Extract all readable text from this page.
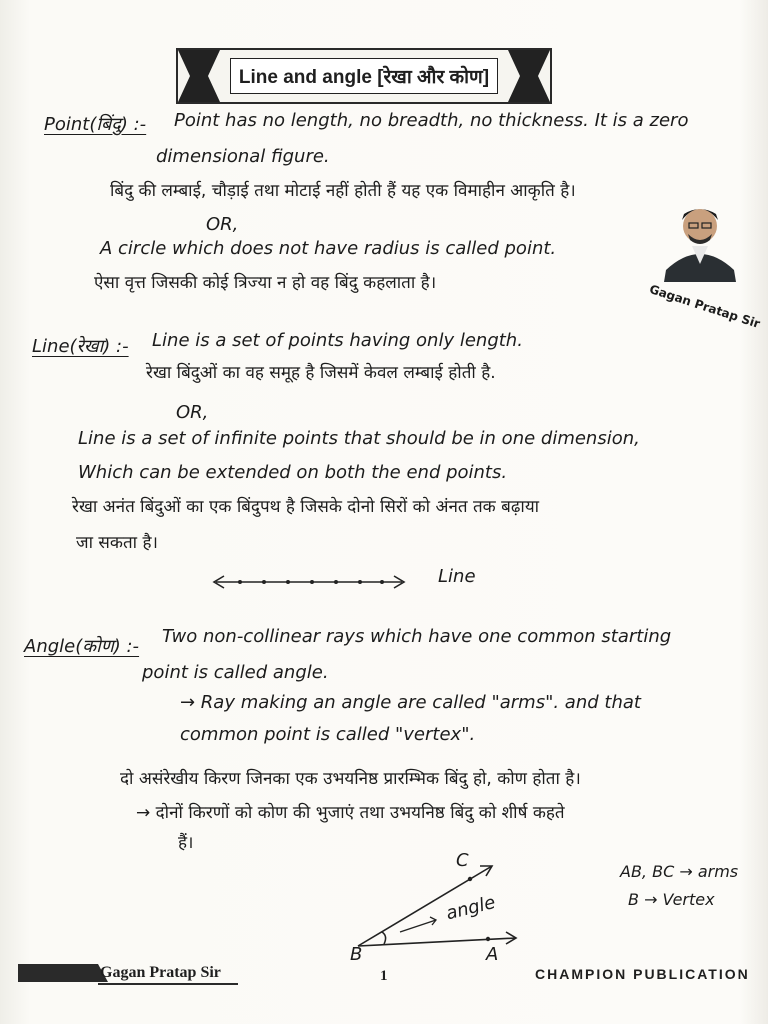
Line and angle [रेखा और कोण]
Point(बिंदु) :- Point has no length, no breadth, no thickness. It is a zero
dimensional figure.
बिंदु की लम्बाई, चौड़ाई तथा मोटाई नहीं होती हैं यह एक विमाहीन आकृति है।
OR,
A circle which does not have radius is called point.
ऐसा वृत्त जिसकी कोई त्रिज्या न हो वह बिंदु कहलाता है।	Gagan Pratap Sir
Line(रेखा) :- Line is a set of points having only length.
रेखा बिंदुओं का वह समूह है जिसमें केवल लम्बाई होती है.
OR,
Line is a set of infinite points that should be in one dimension,
Which can be extended on both the end points.
रेखा अनंत बिंदुओं का एक बिंदुपथ है जिसके दोनो सिरों को अंनत तक बढ़ाया
जा सकता है।
Line
Angle(कोण) :- Two non-collinear rays which have one common starting
point is called angle.
→ Ray making an angle are called "arms". and that
common point is called "vertex".
दो असंरेखीय किरण जिनका एक उभयनिष्ठ प्रारम्भिक बिंदु हो, कोण होता है।
→ दोनों किरणों को कोण की भुजाएं तथा उभयनिष्ठ बिंदु को शीर्ष कहते
हैं।
C
B	A
angle
AB, BC → arms
B → Vertex
Gagan Pratap Sir	1	CHAMPION PUBLICATION
